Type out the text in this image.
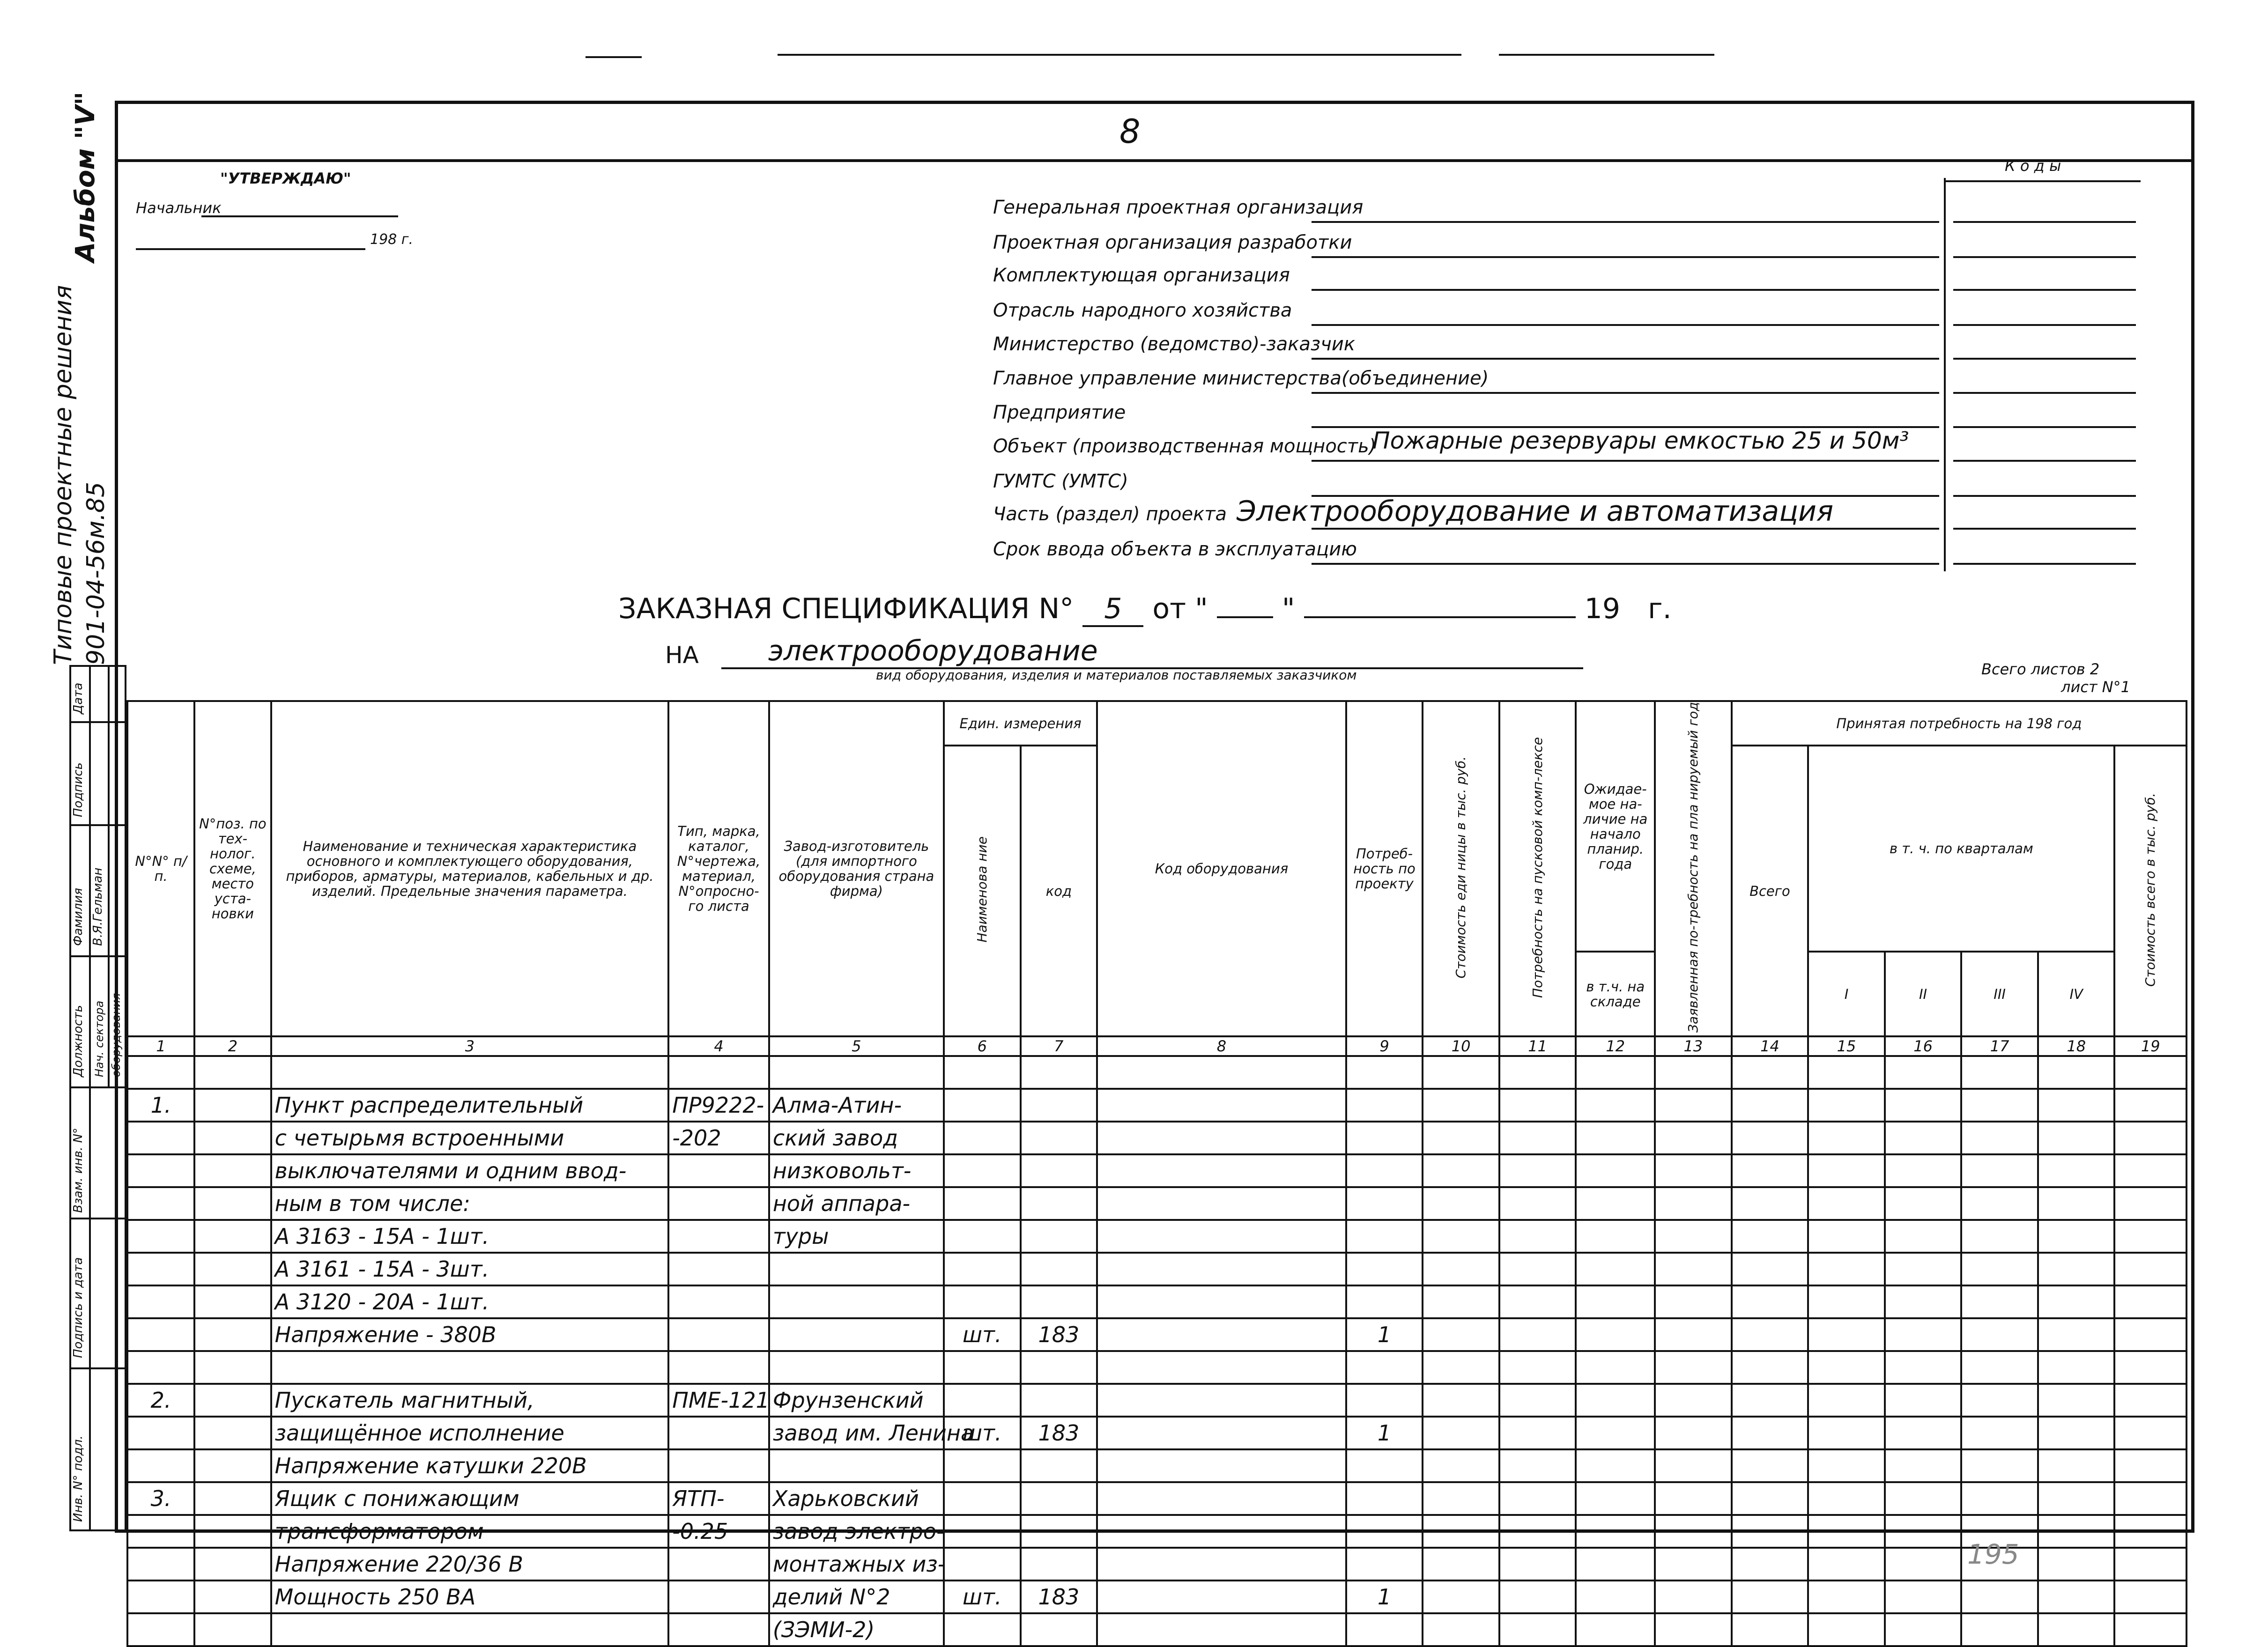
8
Альбом "V"
Типовые проектные решения 901-04-56м.85
Дата
Подпись
Фамилия В.Я.Гельман
Должность Нач. сектора оборудования
Взам. инв. N°
Подпись и дата
Инв. N° подл.
"УТВЕРЖДАЮ"
Начальник
198 г.
К о д ы
Генеральная проектная организация
Проектная организация разработки
Комплектующая организация
Отрасль народного хозяйства
Министерство (ведомство)-заказчик
Главное управление министерства(объединение)
Предприятие
Объект (производственная мощность)
Пожарные резервуары емкостью 25 и 50м³
ГУМТС (УМТС)
Часть (раздел) проекта Электрооборудование и автоматизация
Срок ввода объекта в эксплуатацию
ЗАКАЗНАЯ СПЕЦИФИКАЦИЯ N° 5 от "	"	19 г.
НА электрооборудование
вид оборудования, изделия и материалов поставляемых заказчиком	Всего листов 2
лист N°1
N°N° п/п.	N°поз. по тех-нолог. схеме, место уста-новки	Наименование и техническая характеристика основного и комплектующего оборудования, приборов, арматуры, материалов, кабельных и др. изделий. Предельные значения параметра.	Тип, марка, каталог, N°чертежа, материал, N°опросно-го листа	Завод-изготовитель (для импортного оборудования страна фирма)	Един. измерения		Код оборудования	Потреб-ность по проекту	Стоимость еди ницы в тыс. руб.	Потребность на пусковой комп-лексе	Ожидае-мое на-личие на начало планир. года	Заявленная по-требность на пла нируемый год	Принятая потребность на 198 год					
					Наименова ние	код							Всего	в т. ч. по кварталам				Стоимость всего в тыс. руб.
											в т.ч. на складе			I	II	III	IV	
1	2	3	4	5	6	7	8	9	10	11	12	13	14	15	16	17	18	19

1.		Пункт распределительный	ПР9222-	Алма-Атин-														
		с четырьмя встроенными	-202	ский завод														
		выключателями и одним ввод-		низковольт-														
		ным в том числе:		ной аппара-														
		А 3163 - 15А - 1шт.		туры														
		А 3161 - 15А - 3шт.																
		А 3120 - 20А - 1шт.																
		Напряжение - 380В			шт.	183		1										

2.		Пускатель магнитный,	ПМЕ-121	Фрунзенский														
		защищённое исполнение		завод им. Ленина	шт.	183		1										
		Напряжение катушки 220В																
3.		Ящик с понижающим	ЯТП-	Харьковский														
		трансформатором	-0.25	завод электро-														
		Напряжение 220/36 В		монтажных из-														
		Мощность 250 ВА		делий N°2	шт.	183		1										
				(ЗЭМИ-2)														
195
